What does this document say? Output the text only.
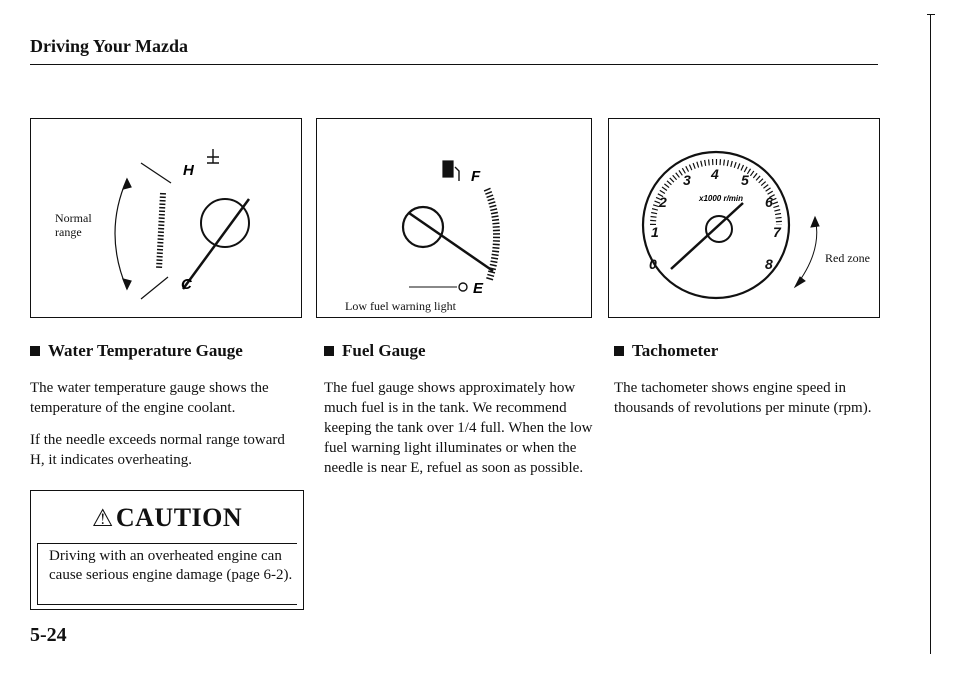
Driving Your Mazda
H
C
Normal
range
F
E
Low fuel warning light
0
1
2
3 4 5
6
7
8
x1000 r/min
Red zone
Water Temperature Gauge	Fuel Gauge	Tachometer

The water temperature gauge shows the temperature of the engine coolant.

If the needle exceeds normal range toward H, it indicates overheating.

The fuel gauge shows approximately how much fuel is in the tank. We recommend keeping the tank over 1/4 full. When the low fuel warning light illuminates or when the needle is near E, refuel as soon as possible.

The tachometer shows engine speed in thousands of revolutions per minute (rpm).

⚠CAUTION
Driving with an overheated engine can cause serious engine damage (page 6-2).
5-24
